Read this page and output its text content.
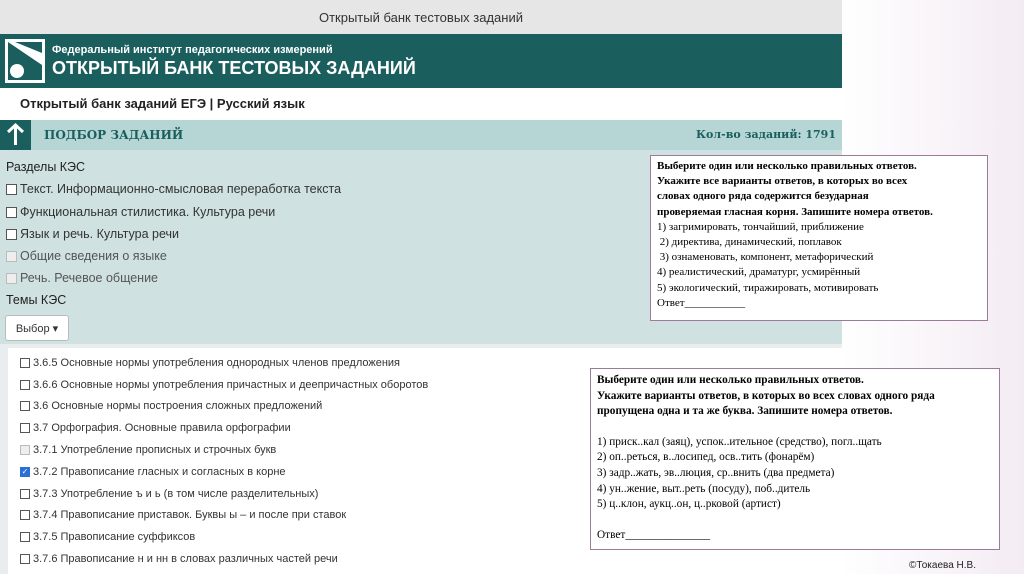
Открытый банк тестовых заданий
Федеральный институт педагогических измерений
ОТКРЫТЫЙ БАНК ТЕСТОВЫХ ЗАДАНИЙ
Открытый банк заданий ЕГЭ | Русский язык
ПОДБОР ЗАДАНИЙ	Кол-во заданий: 1791
Разделы КЭС
Текст. Информационно-смысловая переработка текста
Функциональная стилистика. Культура речи
Язык и речь. Культура речи
Общие сведения о языке
Речь. Речевое общение
Темы КЭС
Выбор ▾
3.6.5 Основные нормы употребления однородных членов предложения
3.6.6 Основные нормы употребления причастных и деепричастных оборотов
3.6 Основные нормы построения сложных предложений
3.7 Орфография. Основные правила орфографии
3.7.1 Употребление прописных и строчных букв
✓ 3.7.2 Правописание гласных и согласных в корне
3.7.3 Употребление ъ и ь (в том числе разделительных)
3.7.4 Правописание приставок. Буквы ы – и после при ставок
3.7.5 Правописание суффиксов
3.7.6 Правописание н и нн в словах различных частей речи
Выберите один или несколько правильных ответов.
Укажите все варианты ответов, в которых во всех
словах одного ряда содержится безударная
проверяемая гласная корня. Запишите номера ответов.
1) загримировать, тончайший, приближение
2) директива, динамический, поплавок
3) ознаменовать, компонент, метафорический
4) реалистический, драматург, усмирённый
5) экологический, тиражировать, мотивировать
Ответ___________
Выберите один или несколько правильных ответов.
Укажите варианты ответов, в которых во всех словах одного ряда
пропущена одна и та же буква. Запишите номера ответов.
1) приск..кал (заяц), успок..ительное (средство), погл..щать
2) оп..реться, в..лосипед, осв..тить (фонарём)
3) задр..жать, эв..люция, ср..внить (два предмета)
4) ун..жение, выт..реть (посуду), поб..дитель
5) ц..клон, аукц..он, ц..рковой (артист)
Ответ_______________
©Токаева Н.В.
